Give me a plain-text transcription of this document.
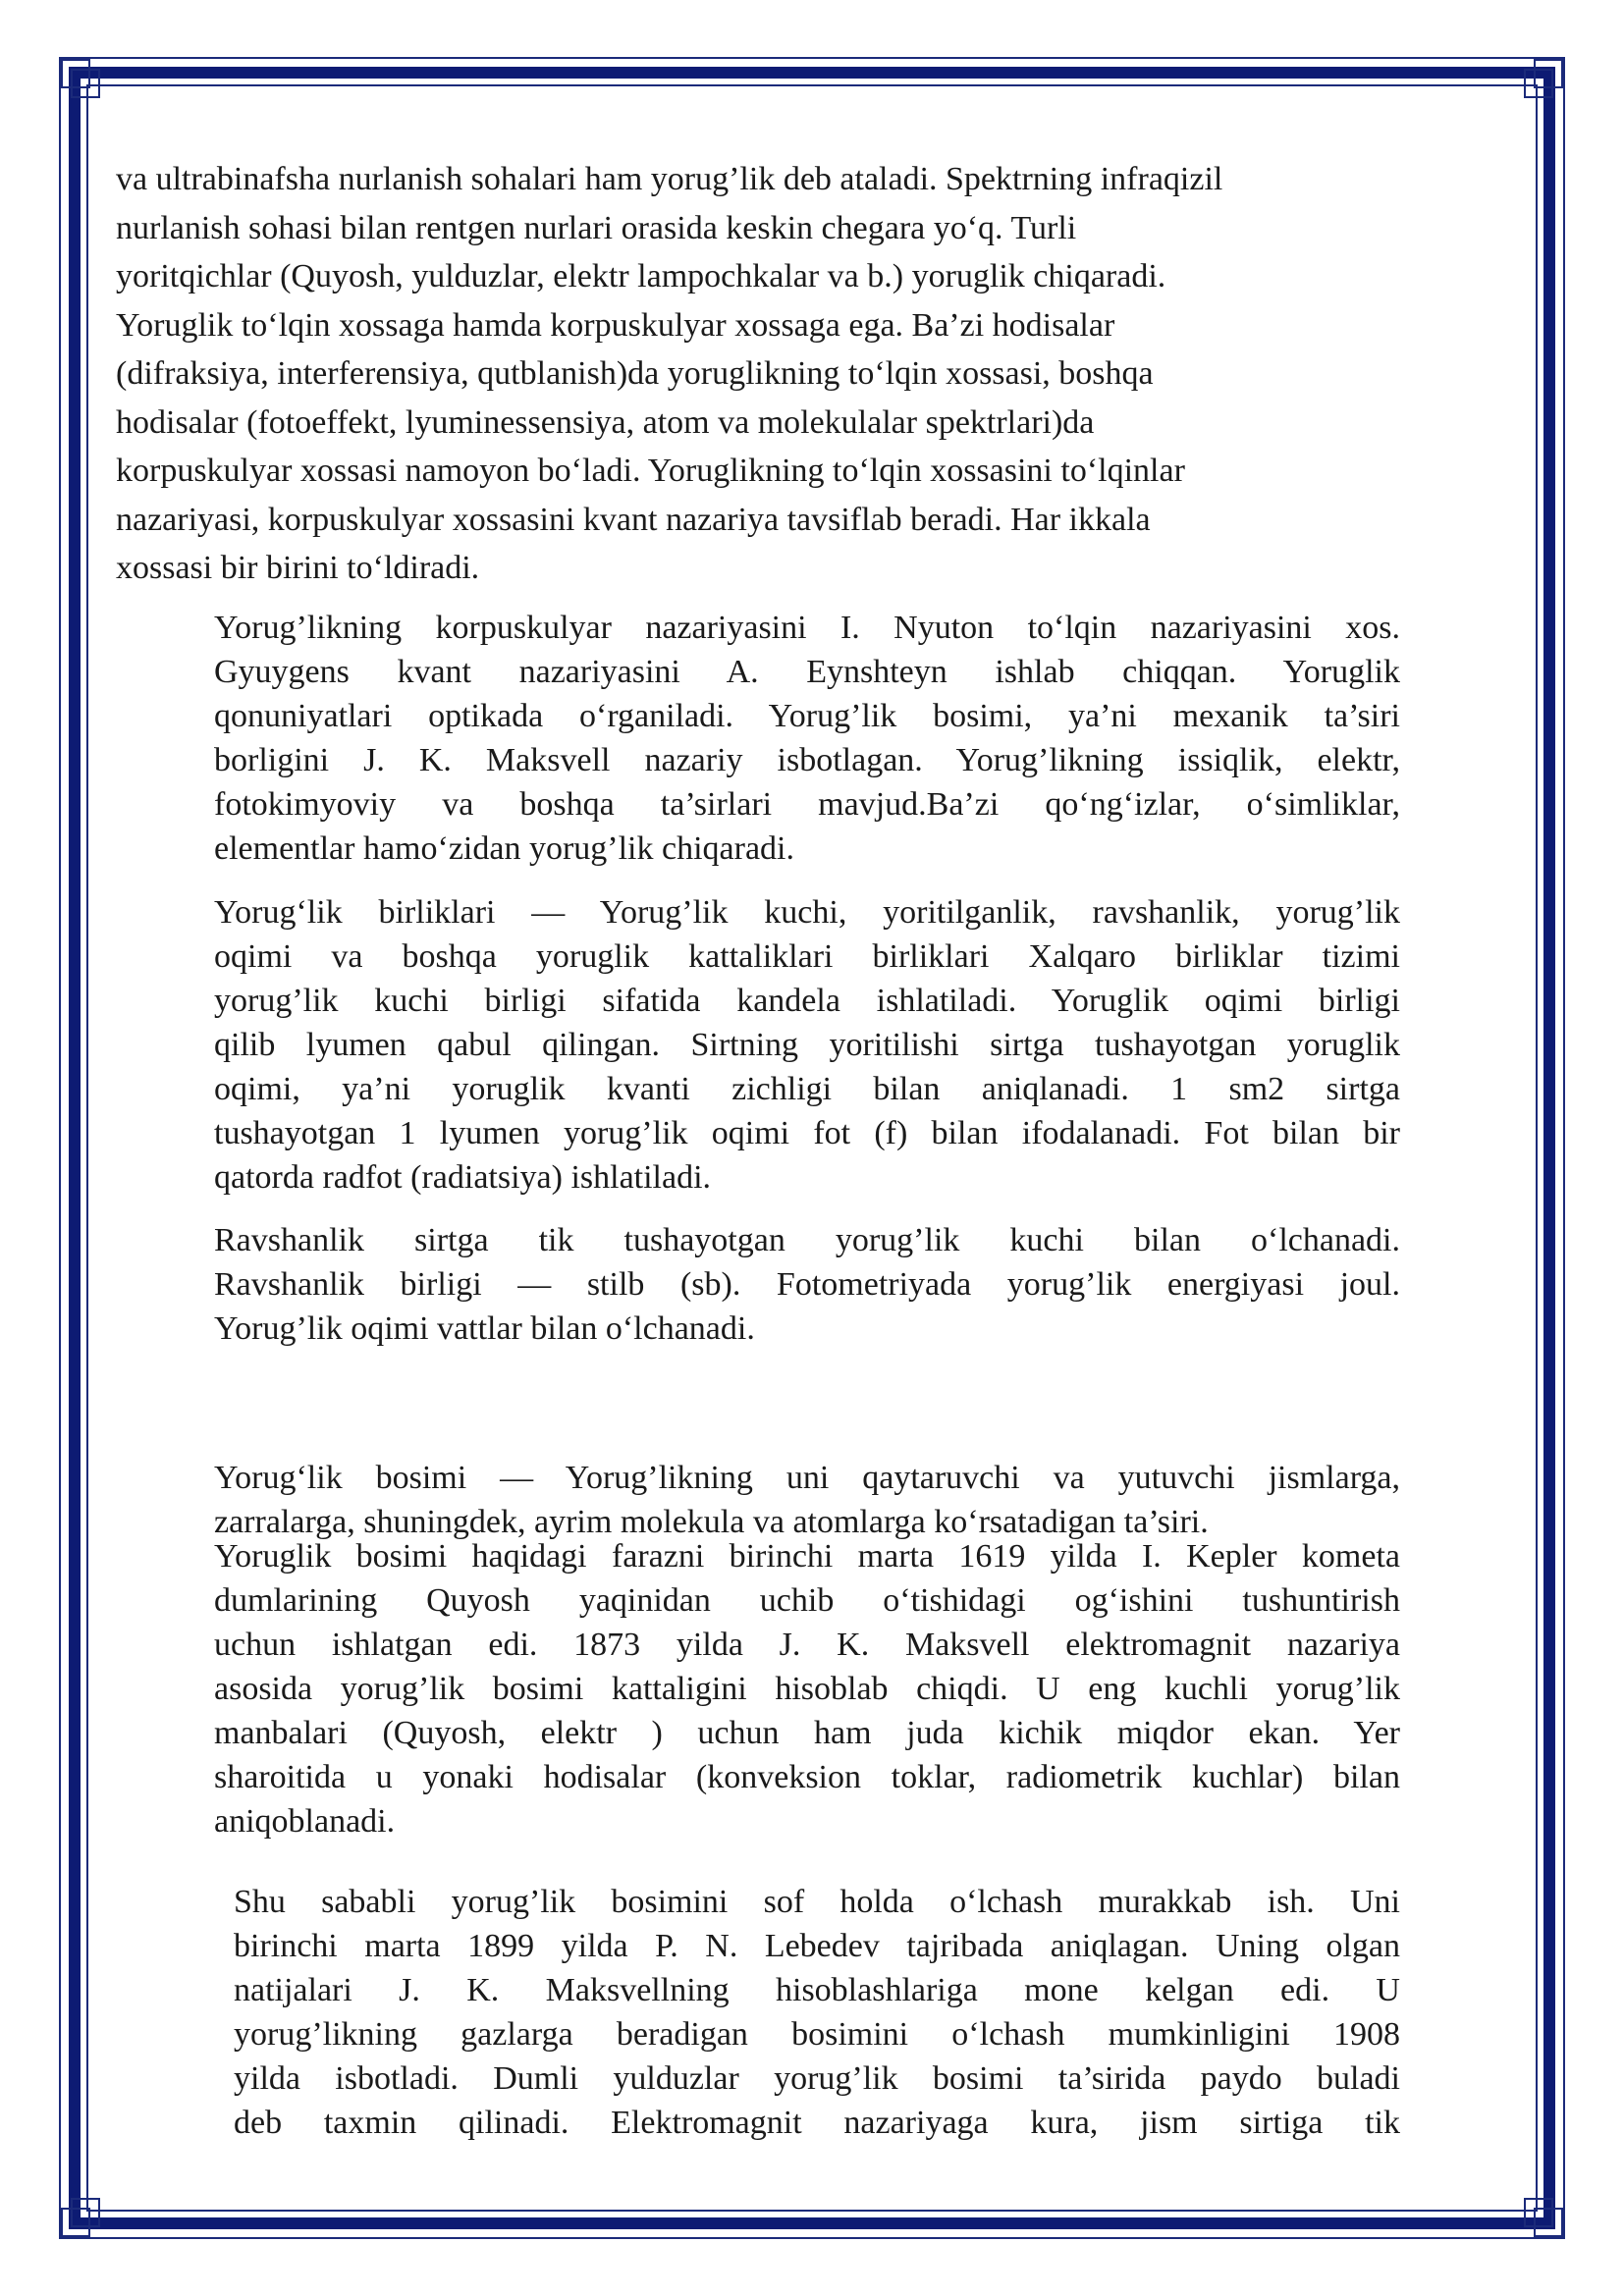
va ultrabinafsha nurlanish sohalari ham yorug’lik deb ataladi. Spektrning infraqizil
nurlanish sohasi bilan rentgen nurlari orasida keskin chegara yo‘q. Turli
yoritqichlar (Quyosh, yulduzlar, elektr lampochkalar va b.) yoruglik chiqaradi.
Yoruglik to‘lqin xossaga hamda korpuskulyar xossaga ega. Ba’zi hodisalar
(difraksiya, interferensiya, qutblanish)da yoruglikning to‘lqin xossasi, boshqa
hodisalar (fotoeffekt, lyuminessensiya, atom va molekulalar spektrlari)da
korpuskulyar xossasi namoyon bo‘ladi. Yoruglikning to‘lqin xossasini to‘lqinlar
nazariyasi, korpuskulyar xossasini kvant nazariya tavsiflab beradi. Har ikkala
xossasi bir birini to‘ldiradi.
Yorug’likning korpuskulyar nazariyasini I. Nyuton to‘lqin nazariyasini xos.
Gyuygens kvant nazariyasini A. Eynshteyn ishlab chiqqan. Yoruglik
qonuniyatlari optikada o‘rganiladi. Yorug’lik bosimi, ya’ni mexanik ta’siri
borligini J. K. Maksvell nazariy isbotlagan. Yorug’likning issiqlik, elektr,
fotokimyoviy va boshqa ta’sirlari mavjud.Ba’zi qo‘ng‘izlar, o‘simliklar,
elementlar hamo‘zidan yorug’lik chiqaradi.
Yorug‘lik birliklari — Yorug’lik kuchi, yoritilganlik, ravshanlik, yorug’lik
oqimi va boshqa yoruglik kattaliklari birliklari Xalqaro birliklar tizimi
yorug’lik kuchi birligi sifatida kandela ishlatiladi. Yoruglik oqimi birligi
qilib lyumen qabul qilingan. Sirtning yoritilishi sirtga tushayotgan yoruglik
oqimi, ya’ni yoruglik kvanti zichligi bilan aniqlanadi. 1 sm2 sirtga
tushayotgan 1 lyumen yorug’lik oqimi fot (f) bilan ifodalanadi. Fot bilan bir
qatorda radfot (radiatsiya) ishlatiladi.
Ravshanlik sirtga tik tushayotgan yorug’lik kuchi bilan o‘lchanadi.
Ravshanlik birligi — stilb (sb). Fotometriyada yorug’lik energiyasi joul.
Yorug’lik oqimi vattlar bilan o‘lchanadi.
Yorug‘lik bosimi — Yorug’likning uni qaytaruvchi va yutuvchi jismlarga,
zarralarga, shuningdek, ayrim molekula va atomlarga ko‘rsatadigan ta’siri.
Yoruglik bosimi haqidagi farazni birinchi marta 1619 yilda I. Kepler kometa
dumlarining Quyosh yaqinidan uchib o‘tishidagi og‘ishini tushuntirish
uchun ishlatgan edi. 1873 yilda J. K. Maksvell elektromagnit nazariya
asosida yorug’lik bosimi kattaligini hisoblab chiqdi. U eng kuchli yorug’lik
manbalari (Quyosh, elektr ) uchun ham juda kichik miqdor ekan. Yer
sharoitida u yonaki hodisalar (konveksion toklar, radiometrik kuchlar) bilan
aniqoblanadi.
Shu sababli yorug’lik bosimini sof holda o‘lchash murakkab ish. Uni
birinchi marta 1899 yilda P. N. Lebedev tajribada aniqlagan. Uning olgan
natijalari J. K. Maksvellning hisoblashlariga mone kelgan edi. U
yorug’likning gazlarga beradigan bosimini o‘lchash mumkinligini 1908
yilda isbotladi. Dumli yulduzlar yorug’lik bosimi ta’sirida paydo buladi
deb taxmin qilinadi. Elektromagnit nazariyaga kura, jism sirtiga tik
